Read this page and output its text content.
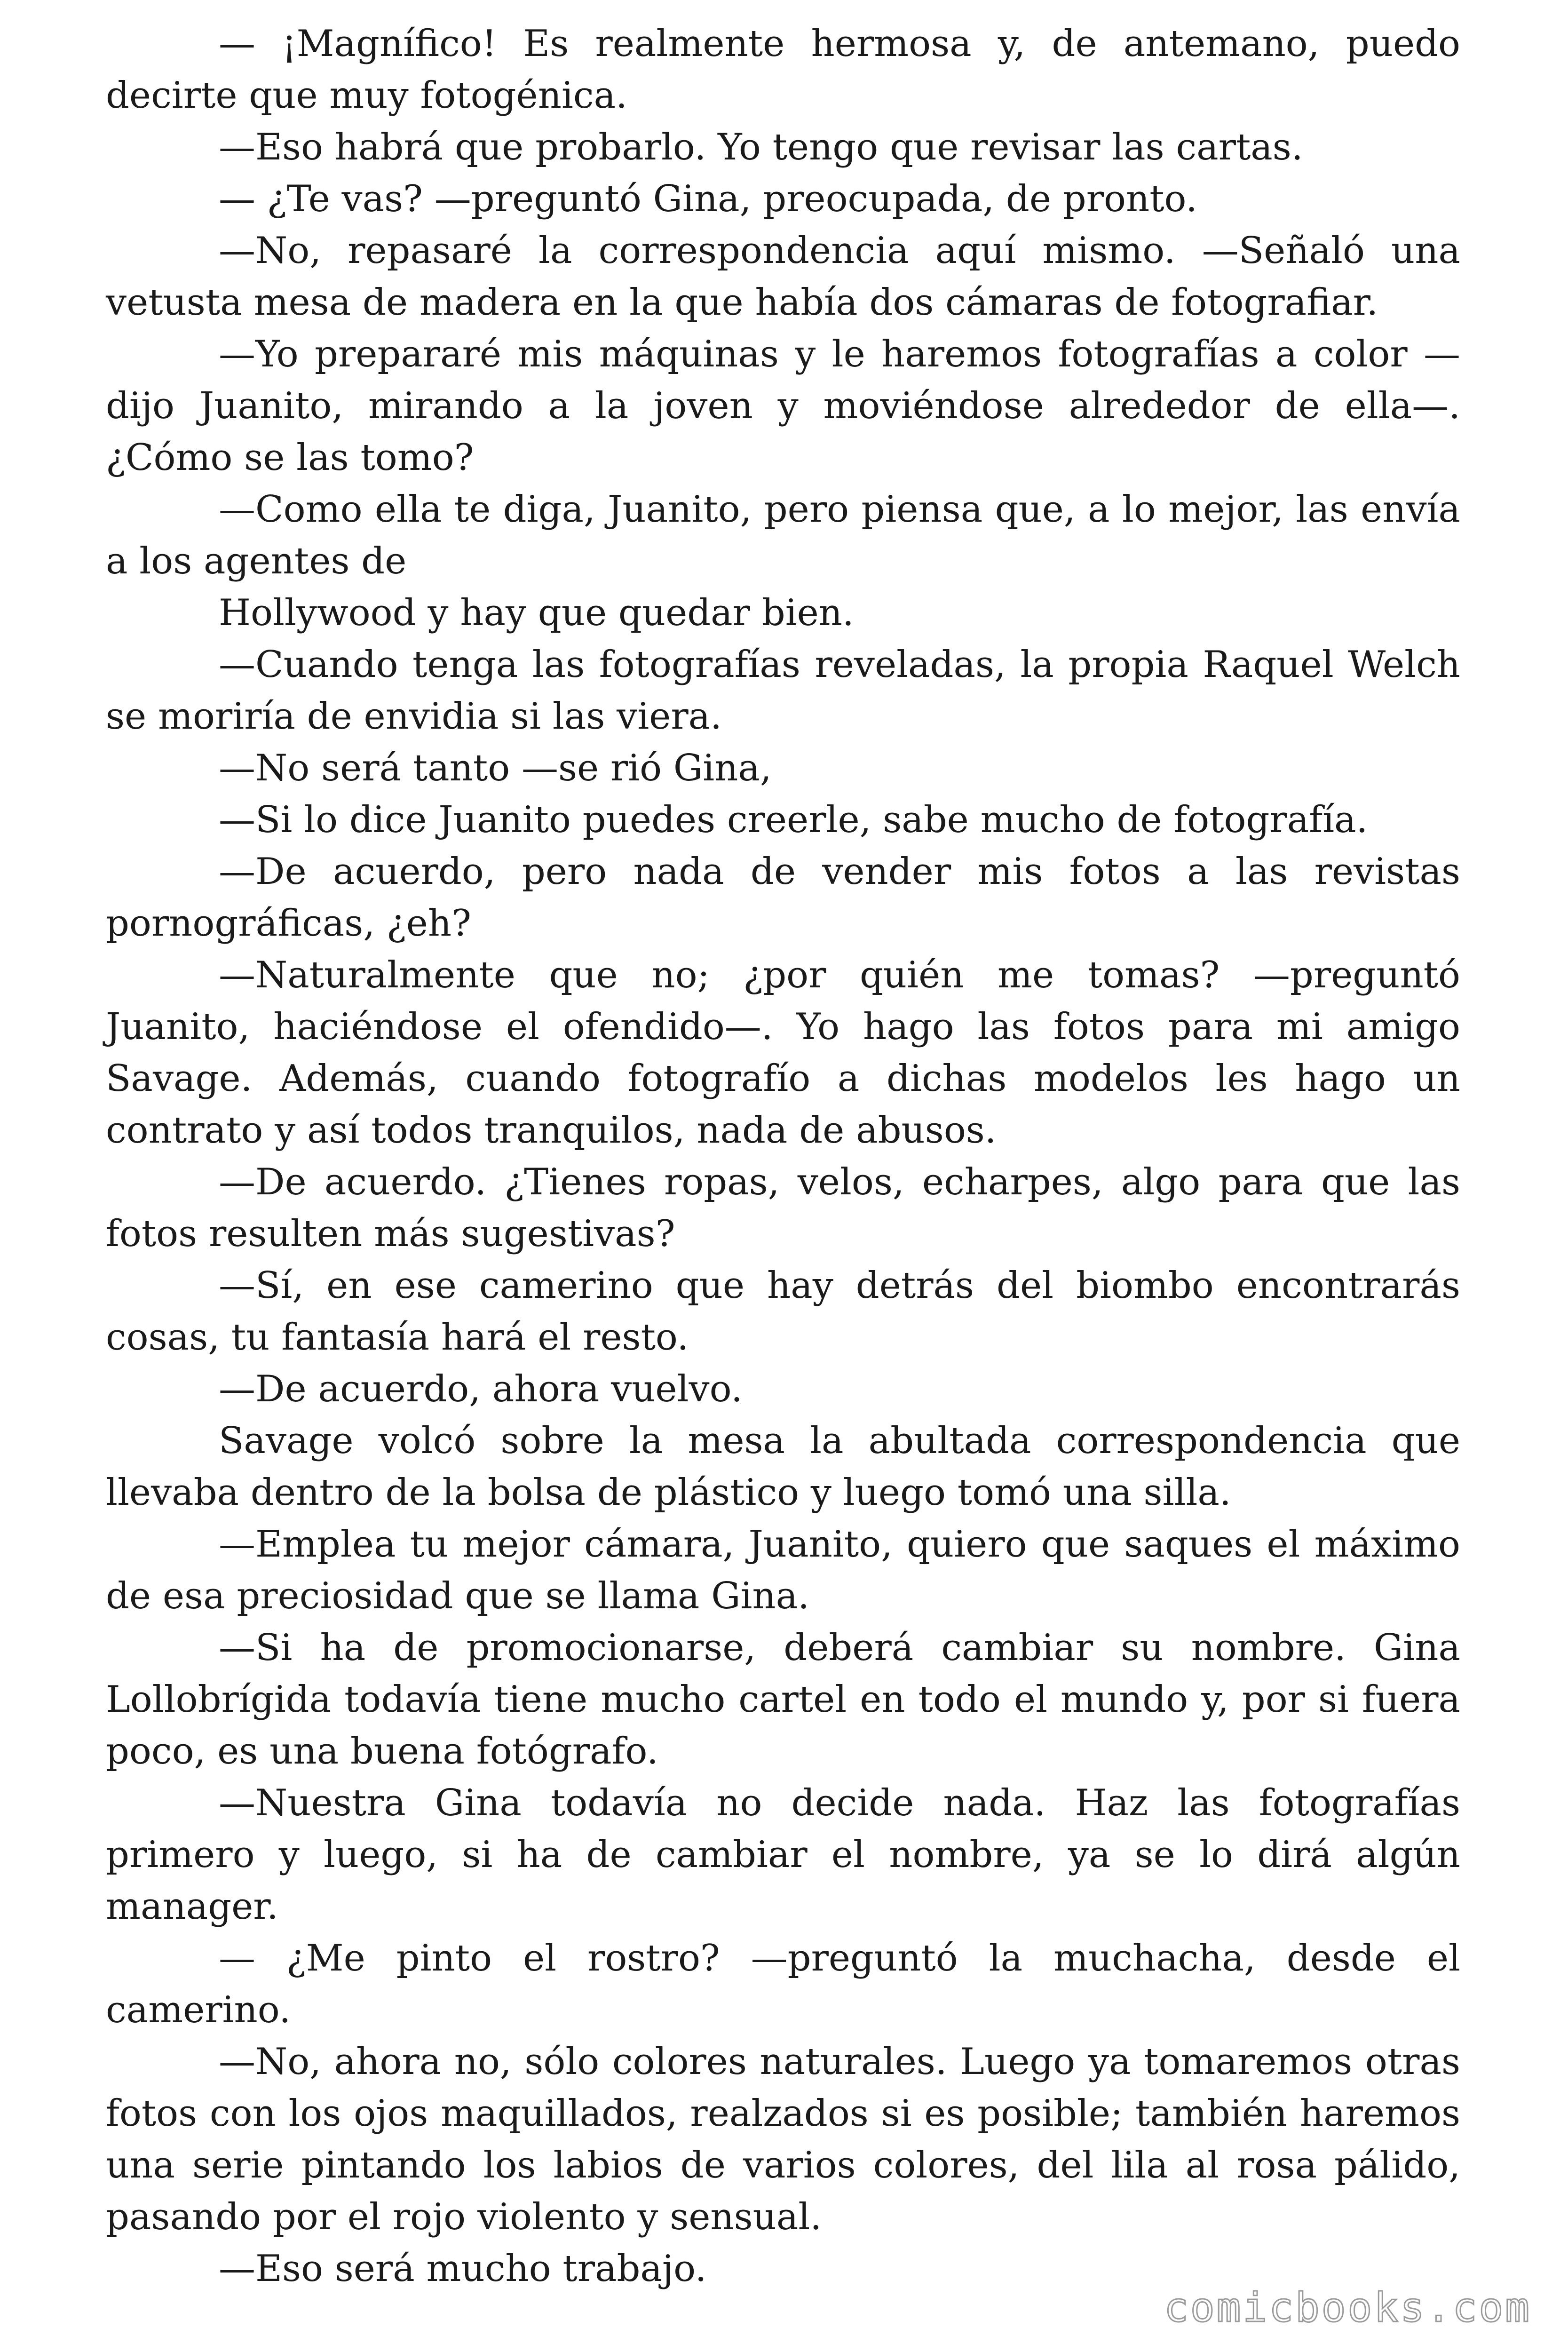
— ¡Magnífico! Es realmente hermosa y, de antemano, puedo decirte que muy fotogénica.

—Eso habrá que probarlo. Yo tengo que revisar las cartas.

— ¿Te vas? —preguntó Gina, preocupada, de pronto.

—No, repasaré la correspondencia aquí mismo. —Señaló una vetusta mesa de madera en la que había dos cámaras de fotografiar.

—Yo prepararé mis máquinas y le haremos fotografías a color —dijo Juanito, mirando a la joven y moviéndose alrededor de ella—. ¿Cómo se las tomo?

—Como ella te diga, Juanito, pero piensa que, a lo mejor, las envía a los agentes de

Hollywood y hay que quedar bien.

—Cuando tenga las fotografías reveladas, la propia Raquel Welch se moriría de envidia si las viera.

—No será tanto —se rió Gina,

—Si lo dice Juanito puedes creerle, sabe mucho de fotografía.

—De acuerdo, pero nada de vender mis fotos a las revistas pornográficas, ¿eh?

—Naturalmente que no; ¿por quién me tomas? —preguntó Juanito, haciéndose el ofendido—. Yo hago las fotos para mi amigo Savage. Además, cuando fotografío a dichas modelos les hago un contrato y así todos tranquilos, nada de abusos.

—De acuerdo. ¿Tienes ropas, velos, echarpes, algo para que las fotos resulten más sugestivas?

—Sí, en ese camerino que hay detrás del biombo encontrarás cosas, tu fantasía hará el resto.

—De acuerdo, ahora vuelvo.

Savage volcó sobre la mesa la abultada correspondencia que llevaba dentro de la bolsa de plástico y luego tomó una silla.

—Emplea tu mejor cámara, Juanito, quiero que saques el máximo de esa preciosidad que se llama Gina.

—Si ha de promocionarse, deberá cambiar su nombre. Gina Lollobrígida todavía tiene mucho cartel en todo el mundo y, por si fuera poco, es una buena fotógrafo.

—Nuestra Gina todavía no decide nada. Haz las fotografías primero y luego, si ha de cambiar el nombre, ya se lo dirá algún manager.

— ¿Me pinto el rostro? —preguntó la muchacha, desde el camerino.

—No, ahora no, sólo colores naturales. Luego ya tomaremos otras fotos con los ojos maquillados, realzados si es posible; también haremos una serie pintando los labios de varios colores, del lila al rosa pálido, pasando por el rojo violento y sensual.

—Eso será mucho trabajo.

comicbooks.com
